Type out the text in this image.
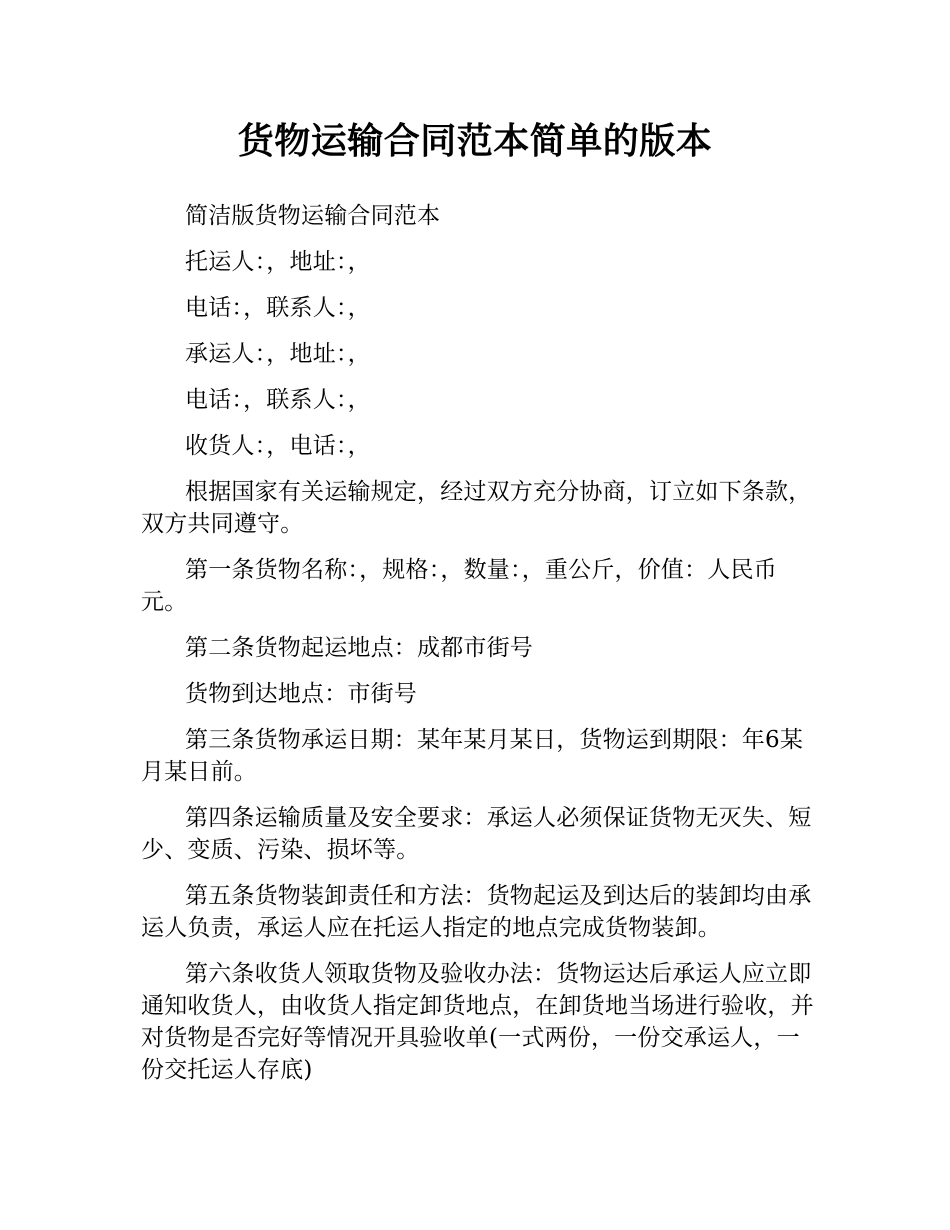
货物运输合同范本简单的版本

简洁版货物运输合同范本

托运人：，地址：，

电话：，联系人：，

承运人：，地址：，

电话：，联系人：，

收货人：，电话：，

根据国家有关运输规定，经过双方充分协商，订立如下条款，双方共同遵守。

第一条货物名称：，规格：，数量：，重公斤，价值：人民币元。

第二条货物起运地点：成都市街号

货物到达地点：市街号

第三条货物承运日期：某年某月某日，货物运到期限：年6某月某日前。

第四条运输质量及安全要求：承运人必须保证货物无灭失、短少、变质、污染、损坏等。

第五条货物装卸责任和方法：货物起运及到达后的装卸均由承运人负责，承运人应在托运人指定的地点完成货物装卸。

第六条收货人领取货物及验收办法：货物运达后承运人应立即通知收货人，由收货人指定卸货地点，在卸货地当场进行验收，并对货物是否完好等情况开具验收单(一式两份，一份交承运人，一份交托运人存底)
